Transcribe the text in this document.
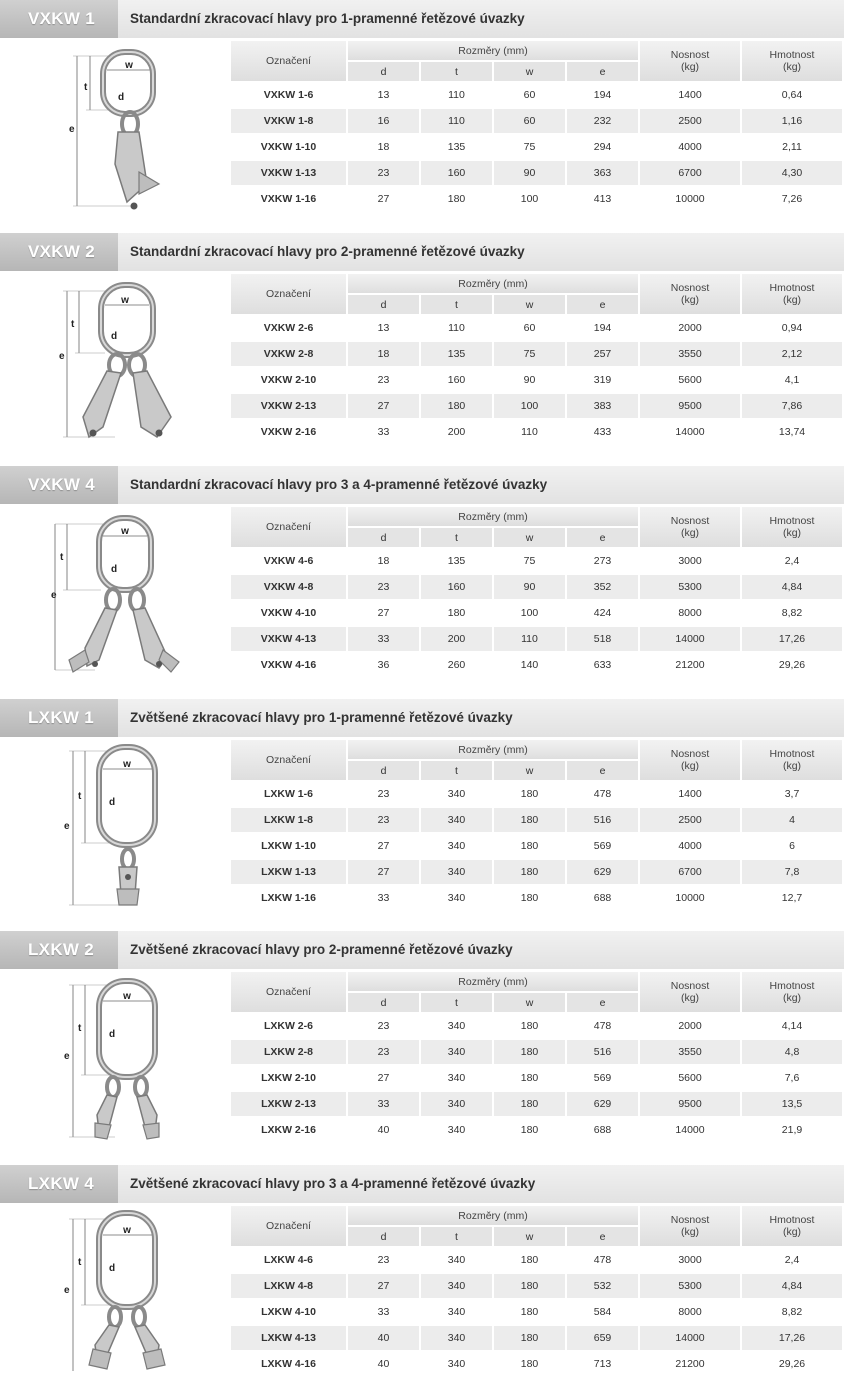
VXKW 1	Standardní zkracovací hlavy pro 1-pramenné řetězové úvazky
w
t
d
e
Označení	Rozměry (mm)				Nosnost
(kg)	Hmotnost
(kg)
	d	t	w	e		
VXKW 1-6	13	110	60	194	1400	0,64
VXKW 1-8	16	110	60	232	2500	1,16
VXKW 1-10	18	135	75	294	4000	2,11
VXKW 1-13	23	160	90	363	6700	4,30
VXKW 1-16	27	180	100	413	10000	7,26
VXKW 2	Standardní zkracovací hlavy pro 2-pramenné řetězové úvazky
w
t
d
e
Označení	Rozměry (mm)				Nosnost
(kg)	Hmotnost
(kg)
	d	t	w	e		
VXKW 2-6	13	110	60	194	2000	0,94
VXKW 2-8	18	135	75	257	3550	2,12
VXKW 2-10	23	160	90	319	5600	4,1
VXKW 2-13	27	180	100	383	9500	7,86
VXKW 2-16	33	200	110	433	14000	13,74
VXKW 4	Standardní zkracovací hlavy pro 3 a 4-pramenné řetězové úvazky
w
t
d
e
Označení	Rozměry (mm)				Nosnost
(kg)	Hmotnost
(kg)
	d	t	w	e		
VXKW 4-6	18	135	75	273	3000	2,4
VXKW 4-8	23	160	90	352	5300	4,84
VXKW 4-10	27	180	100	424	8000	8,82
VXKW 4-13	33	200	110	518	14000	17,26
VXKW 4-16	36	260	140	633	21200	29,26
LXKW 1	Zvětšené zkracovací hlavy pro 1-pramenné řetězové úvazky
w
t
d
e
Označení	Rozměry (mm)				Nosnost
(kg)	Hmotnost
(kg)
	d	t	w	e		
LXKW 1-6	23	340	180	478	1400	3,7
LXKW 1-8	23	340	180	516	2500	4
LXKW 1-10	27	340	180	569	4000	6
LXKW 1-13	27	340	180	629	6700	7,8
LXKW 1-16	33	340	180	688	10000	12,7
LXKW 2	Zvětšené zkracovací hlavy pro 2-pramenné řetězové úvazky
w
t
d
e
Označení	Rozměry (mm)				Nosnost
(kg)	Hmotnost
(kg)
	d	t	w	e		
LXKW 2-6	23	340	180	478	2000	4,14
LXKW 2-8	23	340	180	516	3550	4,8
LXKW 2-10	27	340	180	569	5600	7,6
LXKW 2-13	33	340	180	629	9500	13,5
LXKW 2-16	40	340	180	688	14000	21,9
LXKW 4	Zvětšené zkracovací hlavy pro 3 a 4-pramenné řetězové úvazky
w
t
d
e
Označení	Rozměry (mm)				Nosnost
(kg)	Hmotnost
(kg)
	d	t	w	e		
LXKW 4-6	23	340	180	478	3000	2,4
LXKW 4-8	27	340	180	532	5300	4,84
LXKW 4-10	33	340	180	584	8000	8,82
LXKW 4-13	40	340	180	659	14000	17,26
LXKW 4-16	40	340	180	713	21200	29,26
